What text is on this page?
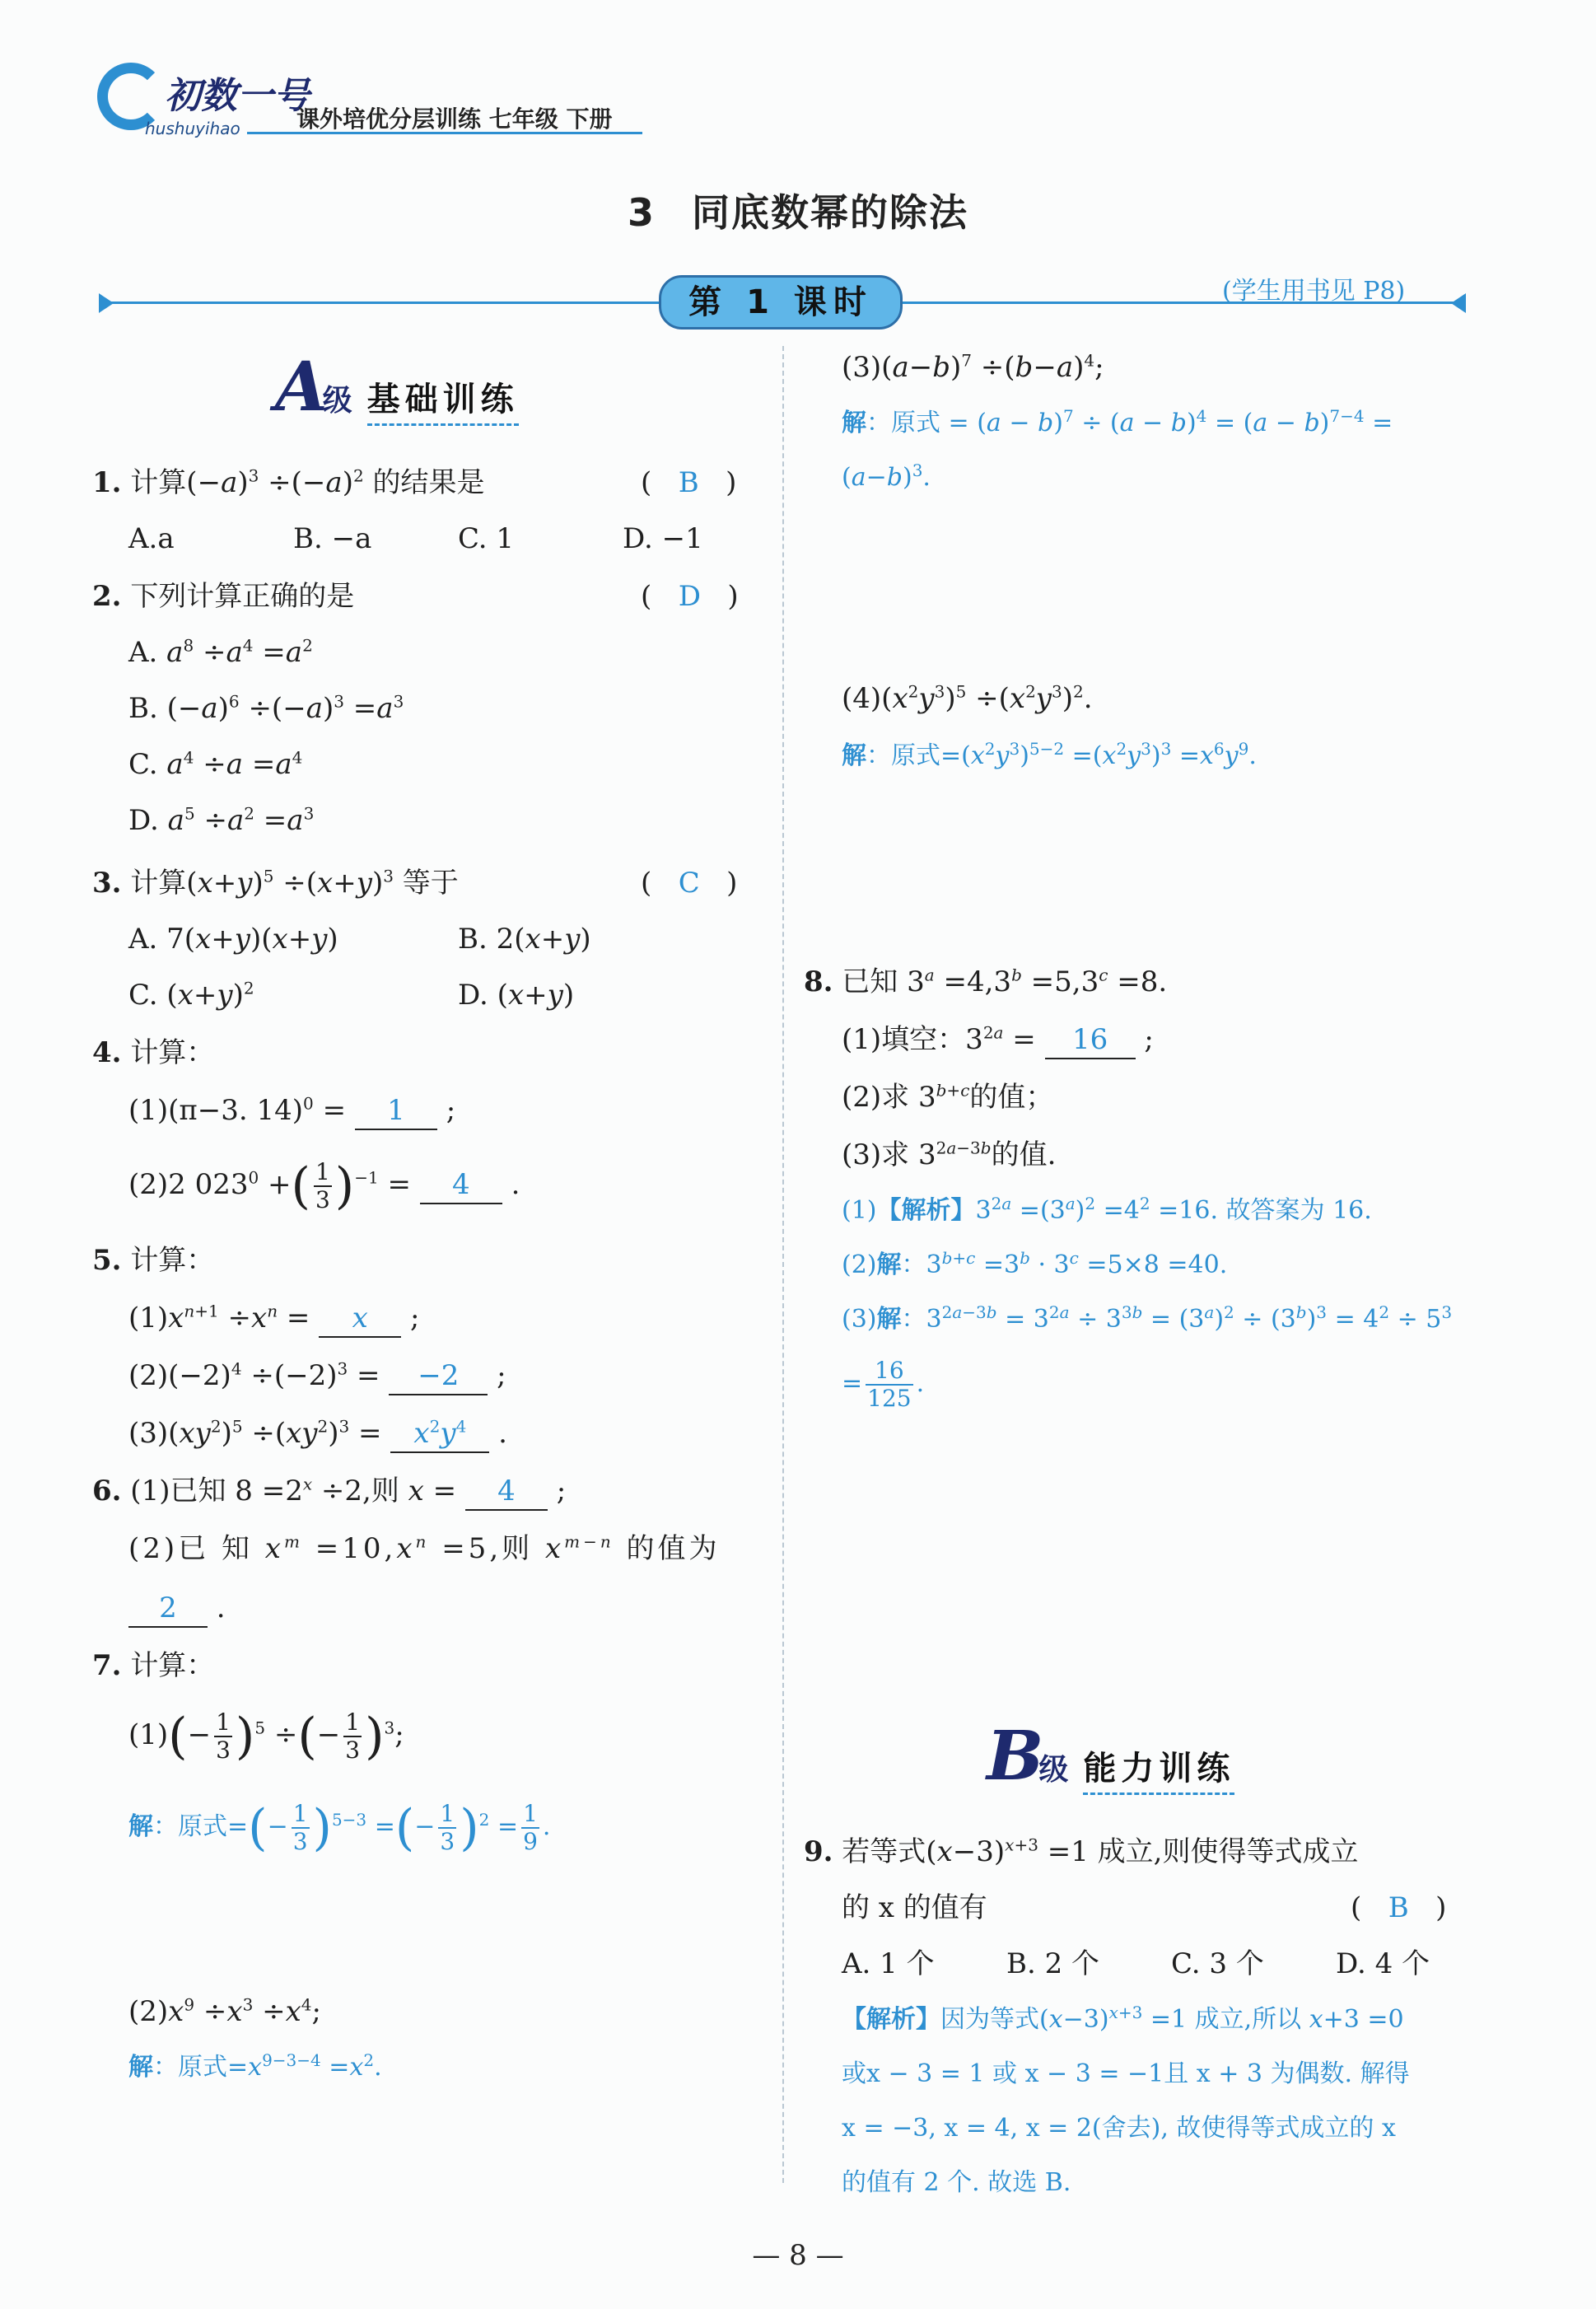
初数一号
hushuyihao 课外培优分层训练 七年级 下册
3 同底数幂的除法
第 1 课时	(学生用书见 P8)
A级 基础训练
1. 计算$(-a)^3 \div(-a)^2$ 的结果是	(   B   )
A.a	B. −a	C. 1	D. −1
2. 下列计算正确的是	(   D   )
A. $a^8 \div a^4 =a^2$
B. $(-a)^6 \div(-a)^3 =a^3$
C. $a^4 \div a =a^4$
D. $a^5 \div a^2 =a^3$
3. 计算$(x+y)^5 \div(x+y)^3$ 等于	(   C   )
A. 7(x+y)(x+y)	B. 2(x+y)
C. $(x+y)^2$	D. (x+y)
4. 计算：
(1)(π−3. 14)$^0$ = 1 ;
(2)2 $023^0$ +( $\frac{1}{3} )^{-1} = 4$ .
5. 计算：
$(1)x^{n+1} \div x^n = x$ ;
$(2)(-2)^4 \div(-2)^3 = -2$ ;
$(3)(xy^2)^5 \div(xy^2)^3 = x^2y^4$ .
6. (1)已知 $8 =2^x \div 2$,则 x = 4 ;
(2)已 知 $x^m =10,x^n =5$,则 $x^{m-n}$ 的值为
2 .
7. 计算：
$(1)(- \frac{1}{3} )^5$ ÷(− $\frac{1}{3} )^3$;
解：原式=(− $\frac{1}{3} )^{5-3}$ =(− $\frac{1}{3} )^2 = \frac{1}{9}$ .
$(2)x^9 \div x^3 \div x^4$;
解：原式$=x^{9-3-4} =x^2$.
$(3)(a-b)^7 \div(b-a)^4$;
解：原式 = $(a - b)^7 \div (a - b)^4 = (a - b)^{7-4}$ =
$(a-b)^3$.
$(4)(x^2y^3)^5 \div(x^2y^3)^2$.
解：原式$=(x^2y^3)^{5-2} =(x^2y^3)^3 =x^6y^9$.
8. 已知 $3^a =4,3^b =5,3^c =8$.
(1)填空：$3^{2a} = 16$ ;
(2)求 $3^{b+c}$的值；
(3)求 $3^{2a-3b}$的值.
(1)【解析】$3^{2a} =(3^a)^2 =4^2 =16$. 故答案为 16.
(2)解：$3^{b+c} =3^b \cdot 3^c =5\times 8 =40$.
(3)解：$3^{2a-3b} = 3^{2a} \div 3^{3b} = (3^a)^2 \div (3^b)^3 = 4^2 \div 5^3$
= $\frac{16}{125}$ .
B级 能力训练
9. 若等式$(x-3)^{x+3} =1$ 成立,则使得等式成立
的 x 的值有	(   B   )
A. 1 个	B. 2 个	C. 3 个	D. 4 个
【解析】因为等式$(x-3)^{x+3} =1$ 成立,所以 x+3 =0
或x − 3 = 1 或 x − 3 = −1且 x + 3 为偶数. 解得
x = −3, x = 4, x = 2(舍去), 故使得等式成立的 x
的值有 2 个. 故选 B.
— 8 —
